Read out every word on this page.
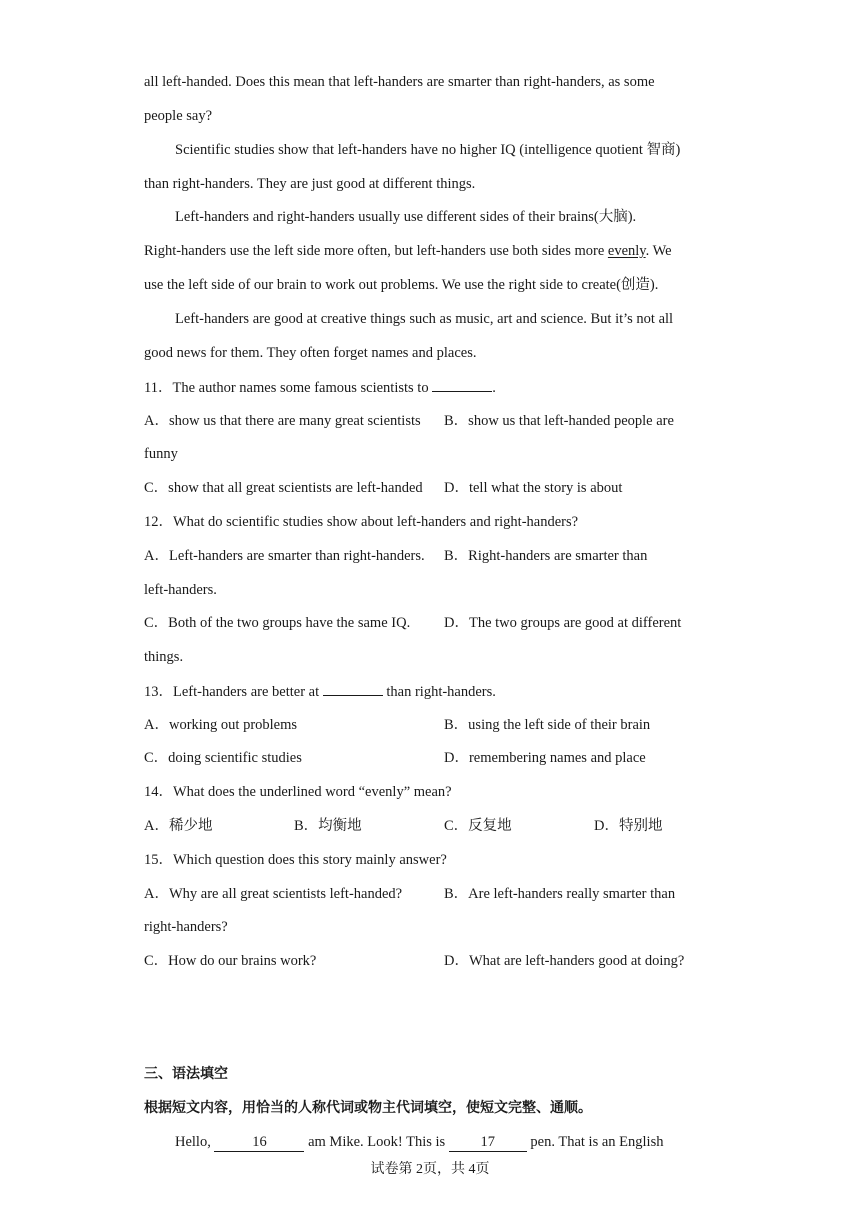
all left-handed. Does this mean that left-handers are smarter than right-handers, as some
people say?
Scientific studies show that left-handers have no higher IQ (intelligence quotient 智商)
than right-handers. They are just good at different things.
Left-handers and right-handers usually use different sides of their brains(大脑).
Right-handers use the left side more often, but left-handers use both sides more evenly. We
use the left side of our brain to work out problems. We use the right side to create(创造).
Left-handers are good at creative things such as music, art and science. But it’s not all
good news for them. They often forget names and places.
11．The author names some famous scientists to	.
A．show us that there are many great scientists B．show us that left-handed people are
funny
C．show that all great scientists are left-handed D．tell what the story is about
12．What do scientific studies show about left-handers and right-handers?
A．Left-handers are smarter than right-handers. B．Right-handers are smarter than
left-handers.
C．Both of the two groups have the same IQ. D．The two groups are good at different
things.
13．Left-handers are better at	than right-handers.
A．working out problems	B．using the left side of their brain
C．doing scientific studies	D．remembering names and place
14．What does the underlined word “evenly” mean?
A．稀少地	B．均衡地	C．反复地	D．特别地
15．Which question does this story mainly answer?
A．Why are all great scientists left-handed?	B．Are left-handers really smarter than
right-handers?
C．How do our brains work?	D．What are left-handers good at doing?
三、语法填空
根据短文内容，用恰当的人称代词或物主代词填空，使短文完整、通顺。
Hello,	16	am Mike. Look! This is 17 pen. That is an English
试卷第 2页，共 4页
